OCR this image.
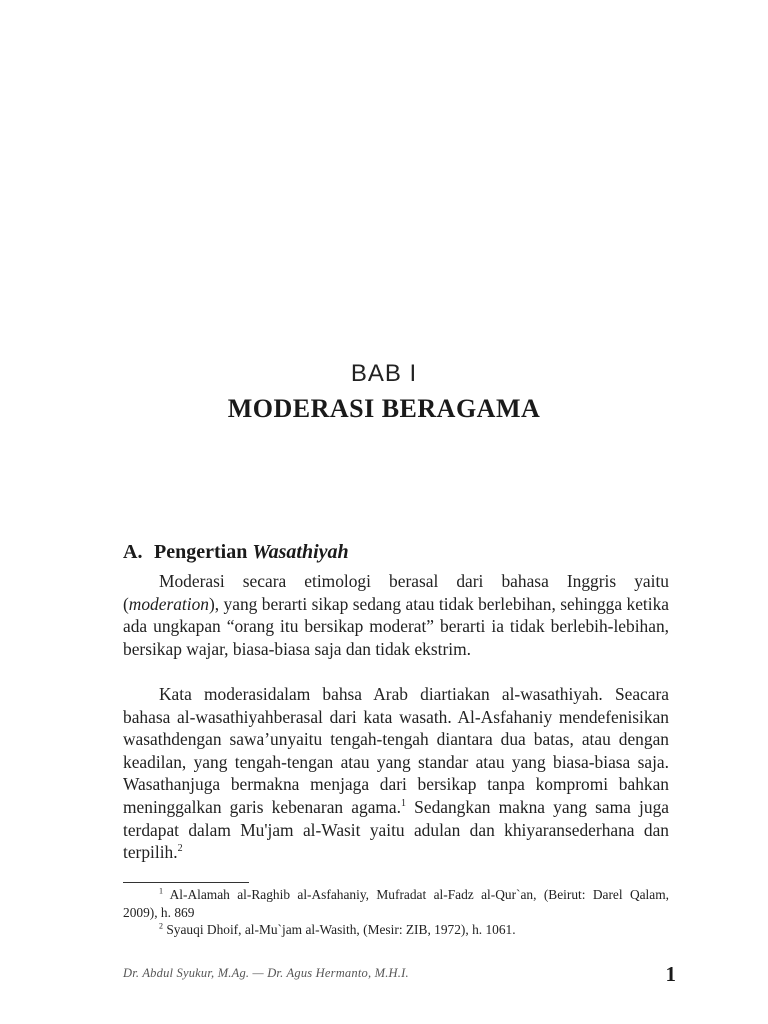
BAB I
MODERASI BERAGAMA
A. Pengertian Wasathiyah

Moderasi secara etimologi berasal dari bahasa Inggris yaitu (moderation), yang berarti sikap sedang atau tidak berlebihan, sehingga ketika ada ungkapan “orang itu bersikap moderat” berarti ia tidak berlebih-lebihan, bersikap wajar, biasa-biasa saja dan tidak ekstrim.

Kata moderasidalam bahsa Arab diartiakan al-wasathiyah. Seacara bahasa al-wasathiyahberasal dari kata wasath. Al-Asfahaniy mendefenisikan wasathdengan sawa’unyaitu tengah-tengah diantara dua batas, atau dengan keadilan, yang tengah-tengan atau yang standar atau yang biasa-biasa saja. Wasathanjuga bermakna menjaga dari bersikap tanpa kompromi bahkan meninggalkan garis kebenaran agama.$^1$ Sedangkan makna yang sama juga terdapat dalam Mu'jam al-Wasit yaitu adulan dan khiyaransederhana dan terpilih.$^2$

$^1$ Al-Alamah al-Raghib al-Asfahaniy, Mufradat al-Fadz al-Qur`an, (Beirut: Darel Qalam, 2009), h. 869

$^2$ Syauqi Dhoif, al-Mu`jam al-Wasith, (Mesir: ZIB, 1972), h. 1061.

Dr. Abdul Syukur, M.Ag. — Dr. Agus Hermanto, M.H.I.	1
